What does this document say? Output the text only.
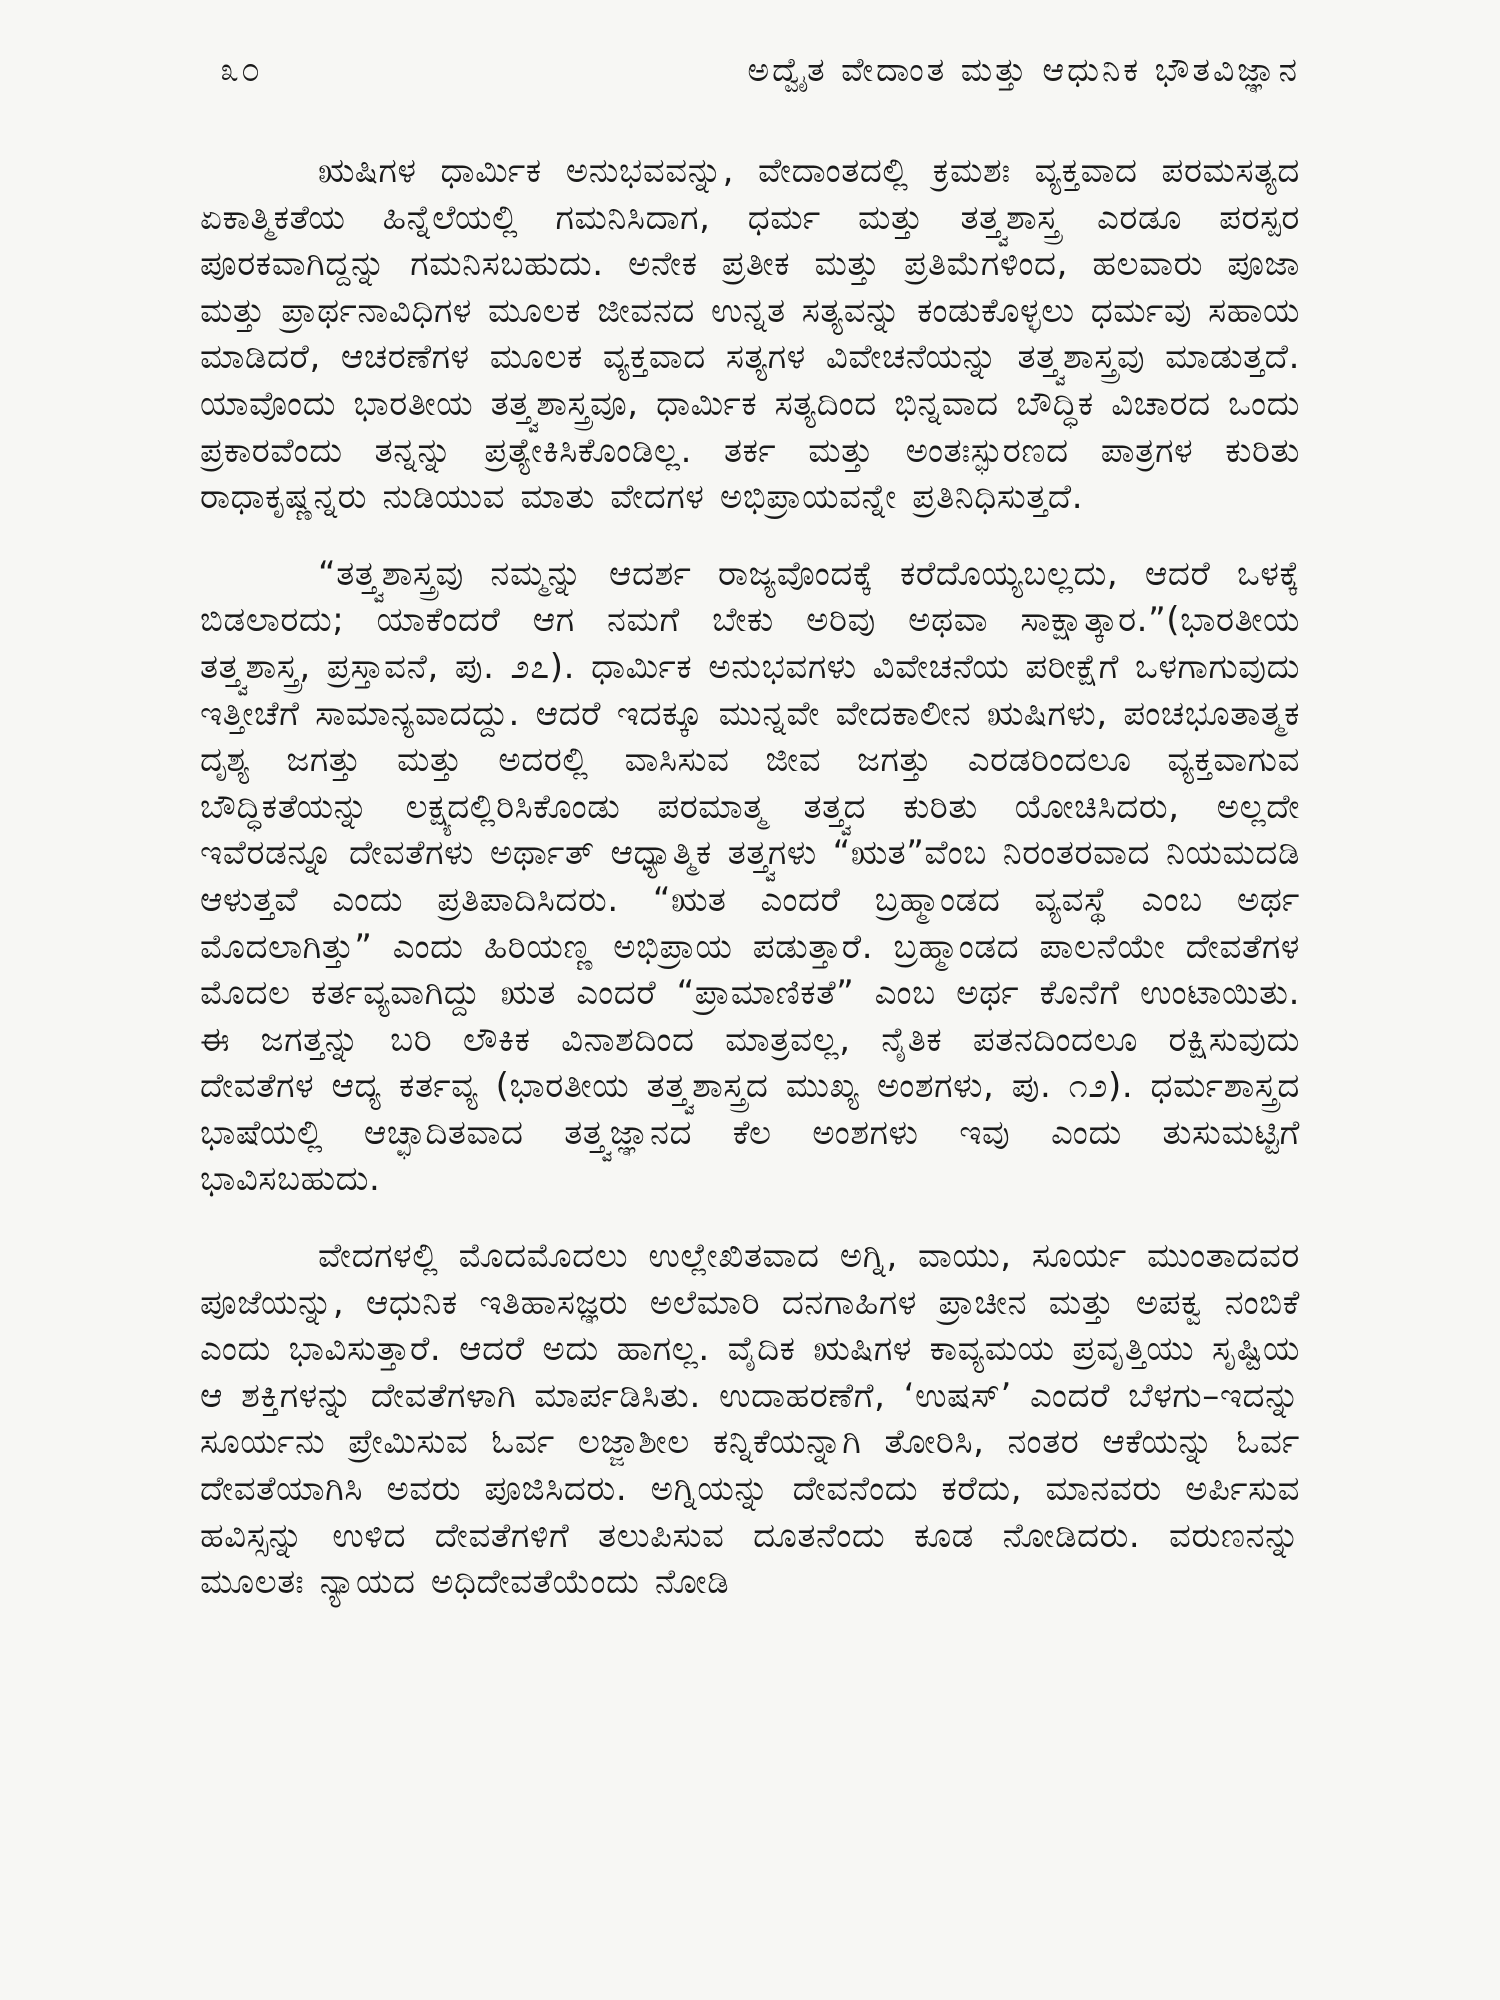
೩೦	ಅದ್ವೈತ ವೇದಾಂತ ಮತ್ತು ಆಧುನಿಕ ಭೌತವಿಜ್ಞಾನ

ಋಷಿಗಳ ಧಾರ್ಮಿಕ ಅನುಭವವನ್ನು, ವೇದಾಂತದಲ್ಲಿ ಕ್ರಮಶಃ ವ್ಯಕ್ತವಾದ ಪರಮಸತ್ಯದ ಏಕಾತ್ಮಿಕತೆಯ ಹಿನ್ನೆಲೆಯಲ್ಲಿ ಗಮನಿಸಿದಾಗ, ಧರ್ಮ ಮತ್ತು ತತ್ತ್ವಶಾಸ್ತ್ರ ಎರಡೂ ಪರಸ್ಪರ ಪೂರಕವಾಗಿದ್ದನ್ನು ಗಮನಿಸಬಹುದು. ಅನೇಕ ಪ್ರತೀಕ ಮತ್ತು ಪ್ರತಿಮೆಗಳಿಂದ, ಹಲವಾರು ಪೂಜಾ ಮತ್ತು ಪ್ರಾರ್ಥನಾವಿಧಿಗಳ ಮೂಲಕ ಜೀವನದ ಉನ್ನತ ಸತ್ಯವನ್ನು ಕಂಡುಕೊಳ್ಳಲು ಧರ್ಮವು ಸಹಾಯ ಮಾಡಿದರೆ, ಆಚರಣೆಗಳ ಮೂಲಕ ವ್ಯಕ್ತವಾದ ಸತ್ಯಗಳ ವಿವೇಚನೆಯನ್ನು ತತ್ತ್ವಶಾಸ್ತ್ರವು ಮಾಡುತ್ತದೆ. ಯಾವೊಂದು ಭಾರತೀಯ ತತ್ತ್ವಶಾಸ್ತ್ರವೂ, ಧಾರ್ಮಿಕ ಸತ್ಯದಿಂದ ಭಿನ್ನವಾದ ಬೌದ್ಧಿಕ ವಿಚಾರದ ಒಂದು ಪ್ರಕಾರವೆಂದು ತನ್ನನ್ನು ಪ್ರತ್ಯೇಕಿಸಿಕೊಂಡಿಲ್ಲ. ತರ್ಕ ಮತ್ತು ಅಂತಃಸ್ಫುರಣದ ಪಾತ್ರಗಳ ಕುರಿತು ರಾಧಾಕೃಷ್ಣನ್ನರು ನುಡಿಯುವ ಮಾತು ವೇದಗಳ ಅಭಿಪ್ರಾಯವನ್ನೇ ಪ್ರತಿನಿಧಿಸುತ್ತದೆ.

“ತತ್ತ್ವಶಾಸ್ತ್ರವು ನಮ್ಮನ್ನು ಆದರ್ಶ ರಾಜ್ಯವೊಂದಕ್ಕೆ ಕರೆದೊಯ್ಯಬಲ್ಲದು, ಆದರೆ ಒಳಕ್ಕೆ ಬಿಡಲಾರದು; ಯಾಕೆಂದರೆ ಆಗ ನಮಗೆ ಬೇಕು ಅರಿವು ಅಥವಾ ಸಾಕ್ಷಾತ್ಕಾರ.”(ಭಾರತೀಯ ತತ್ತ್ವಶಾಸ್ತ್ರ, ಪ್ರಸ್ತಾವನೆ, ಪು. ೨೭). ಧಾರ್ಮಿಕ ಅನುಭವಗಳು ವಿವೇಚನೆಯ ಪರೀಕ್ಷೆಗೆ ಒಳಗಾಗುವುದು ಇತ್ತೀಚೆಗೆ ಸಾಮಾನ್ಯವಾದದ್ದು. ಆದರೆ ಇದಕ್ಕೂ ಮುನ್ನವೇ ವೇದಕಾಲೀನ ಋಷಿಗಳು, ಪಂಚಭೂತಾತ್ಮಕ ದೃಶ್ಯ ಜಗತ್ತು ಮತ್ತು ಅದರಲ್ಲಿ ವಾಸಿಸುವ ಜೀವ ಜಗತ್ತು ಎರಡರಿಂದಲೂ ವ್ಯಕ್ತವಾಗುವ ಬೌದ್ಧಿಕತೆಯನ್ನು ಲಕ್ಷ್ಯದಲ್ಲಿರಿಸಿಕೊಂಡು ಪರಮಾತ್ಮ ತತ್ತ್ವದ ಕುರಿತು ಯೋಚಿಸಿದರು, ಅಲ್ಲದೇ ಇವೆರಡನ್ನೂ ದೇವತೆಗಳು ಅರ್ಥಾತ್ ಆಧ್ಯಾತ್ಮಿಕ ತತ್ತ್ವಗಳು “ಋತ”ವೆಂಬ ನಿರಂತರವಾದ ನಿಯಮದಡಿ ಆಳುತ್ತವೆ ಎಂದು ಪ್ರತಿಪಾದಿಸಿದರು. “ಋತ ಎಂದರೆ ಬ್ರಹ್ಮಾಂಡದ ವ್ಯವಸ್ಥೆ ಎಂಬ ಅರ್ಥ ಮೊದಲಾಗಿತ್ತು” ಎಂದು ಹಿರಿಯಣ್ಣ ಅಭಿಪ್ರಾಯ ಪಡುತ್ತಾರೆ. ಬ್ರಹ್ಮಾಂಡದ ಪಾಲನೆಯೇ ದೇವತೆಗಳ ಮೊದಲ ಕರ್ತವ್ಯವಾಗಿದ್ದು ಋತ ಎಂದರೆ “ಪ್ರಾಮಾಣಿಕತೆ” ಎಂಬ ಅರ್ಥ ಕೊನೆಗೆ ಉಂಟಾಯಿತು. ಈ ಜಗತ್ತನ್ನು ಬರಿ ಲೌಕಿಕ ವಿನಾಶದಿಂದ ಮಾತ್ರವಲ್ಲ, ನೈತಿಕ ಪತನದಿಂದಲೂ ರಕ್ಷಿಸುವುದು ದೇವತೆಗಳ ಆದ್ಯ ಕರ್ತವ್ಯ (ಭಾರತೀಯ ತತ್ತ್ವಶಾಸ್ತ್ರದ ಮುಖ್ಯ ಅಂಶಗಳು, ಪು. ೧೨). ಧರ್ಮಶಾಸ್ತ್ರದ ಭಾಷೆಯಲ್ಲಿ ಆಚ್ಛಾದಿತವಾದ ತತ್ತ್ವಜ್ಞಾನದ ಕೆಲ ಅಂಶಗಳು ಇವು ಎಂದು ತುಸುಮಟ್ಟಿಗೆ ಭಾವಿಸಬಹುದು.

ವೇದಗಳಲ್ಲಿ ಮೊದಮೊದಲು ಉಲ್ಲೇಖಿತವಾದ ಅಗ್ನಿ, ವಾಯು, ಸೂರ್ಯ ಮುಂತಾದವರ ಪೂಜೆಯನ್ನು, ಆಧುನಿಕ ಇತಿಹಾಸಜ್ಞರು ಅಲೆಮಾರಿ ದನಗಾಹಿಗಳ ಪ್ರಾಚೀನ ಮತ್ತು ಅಪಕ್ವ ನಂಬಿಕೆ ಎಂದು ಭಾವಿಸುತ್ತಾರೆ. ಆದರೆ ಅದು ಹಾಗಲ್ಲ. ವೈದಿಕ ಋಷಿಗಳ ಕಾವ್ಯಮಯ ಪ್ರವೃತ್ತಿಯು ಸೃಷ್ಟಿಯ ಆ ಶಕ್ತಿಗಳನ್ನು ದೇವತೆಗಳಾಗಿ ಮಾರ್ಪಡಿಸಿತು. ಉದಾಹರಣೆಗೆ, ‘ಉಷಸ್’ ಎಂದರೆ ಬೆಳಗು–ಇದನ್ನು ಸೂರ್ಯನು ಪ್ರೇಮಿಸುವ ಓರ್ವ ಲಜ್ಜಾಶೀಲ ಕನ್ನಿಕೆಯನ್ನಾಗಿ ತೋರಿಸಿ, ನಂತರ ಆಕೆಯನ್ನು ಓರ್ವ ದೇವತೆಯಾಗಿಸಿ ಅವರು ಪೂಜಿಸಿದರು. ಅಗ್ನಿಯನ್ನು ದೇವನೆಂದು ಕರೆದು, ಮಾನವರು ಅರ್ಪಿಸುವ ಹವಿಸ್ಸನ್ನು ಉಳಿದ ದೇವತೆಗಳಿಗೆ ತಲುಪಿಸುವ ದೂತನೆಂದು ಕೂಡ ನೋಡಿದರು. ವರುಣನನ್ನು ಮೂಲತಃ ನ್ಯಾಯದ ಅಧಿದೇವತೆಯೆಂದು ನೋಡಿ
